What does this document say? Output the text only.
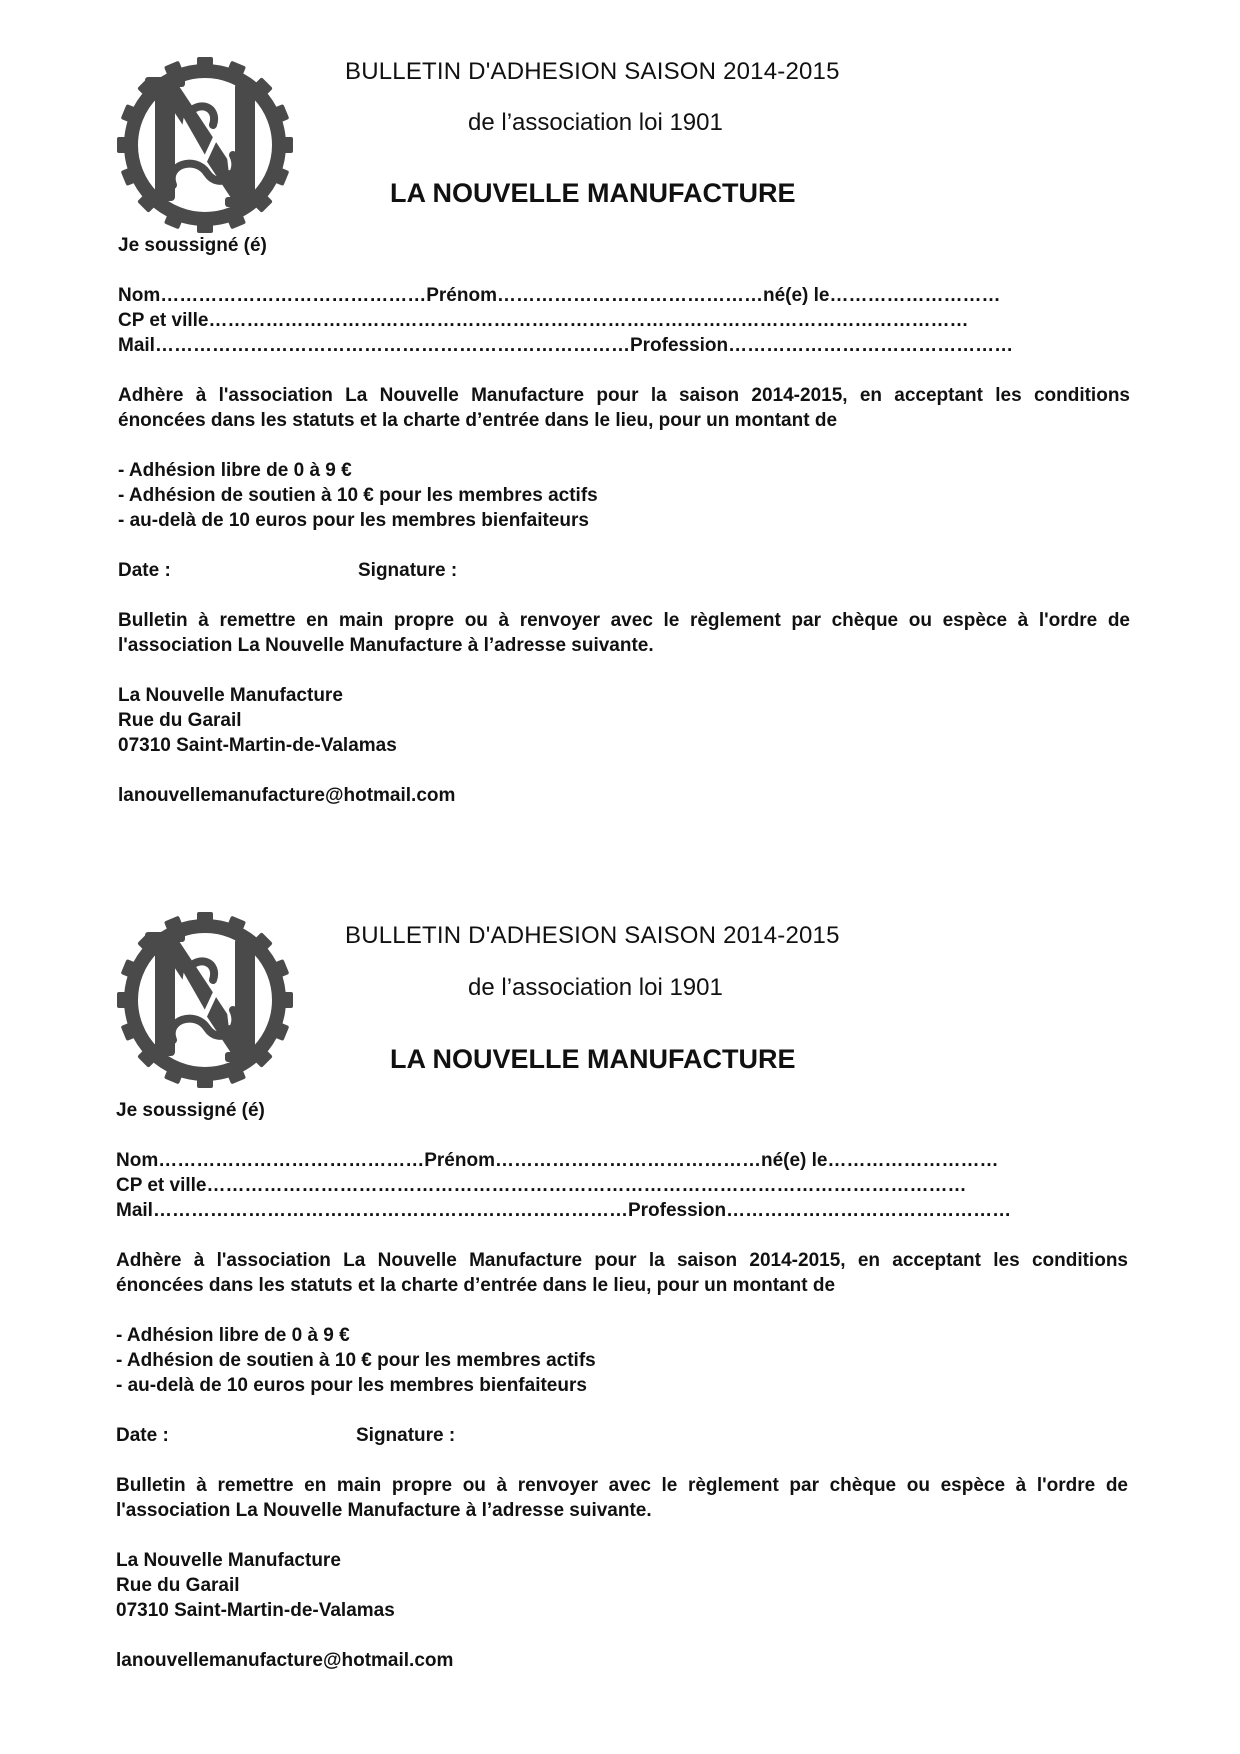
BULLETIN D'ADHESION SAISON 2014-2015
de l’association loi 1901
LA NOUVELLE MANUFACTURE
Je soussigné (é)
Nom……………………………………Prénom……………………………………né(e) le………………………
CP et ville…………………………………………………………………………………………………………
Mail…………………………………………………………………Profession………………………………………
Adhère à l'association La Nouvelle Manufacture pour la saison 2014-2015, en acceptant les conditions énoncées dans les statuts et la charte d’entrée dans le lieu, pour un montant de
- Adhésion libre de 0 à 9 €
- Adhésion de soutien à 10 € pour les membres actifs
- au-delà de 10 euros pour les membres bienfaiteurs
Date :	Signature :
Bulletin à remettre en main propre ou à renvoyer avec le règlement par chèque ou espèce à l'ordre de l'association La Nouvelle Manufacture à l’adresse suivante.
La Nouvelle Manufacture
Rue du Garail
07310 Saint-Martin-de-Valamas
lanouvellemanufacture@hotmail.com
BULLETIN D'ADHESION SAISON 2014-2015
de l’association loi 1901
LA NOUVELLE MANUFACTURE
Je soussigné (é)
Nom……………………………………Prénom……………………………………né(e) le………………………
CP et ville…………………………………………………………………………………………………………
Mail…………………………………………………………………Profession………………………………………
Adhère à l'association La Nouvelle Manufacture pour la saison 2014-2015, en acceptant les conditions énoncées dans les statuts et la charte d’entrée dans le lieu, pour un montant de
- Adhésion libre de 0 à 9 €
- Adhésion de soutien à 10 € pour les membres actifs
- au-delà de 10 euros pour les membres bienfaiteurs
Date :	Signature :
Bulletin à remettre en main propre ou à renvoyer avec le règlement par chèque ou espèce à l'ordre de l'association La Nouvelle Manufacture à l’adresse suivante.
La Nouvelle Manufacture
Rue du Garail
07310 Saint-Martin-de-Valamas
lanouvellemanufacture@hotmail.com
